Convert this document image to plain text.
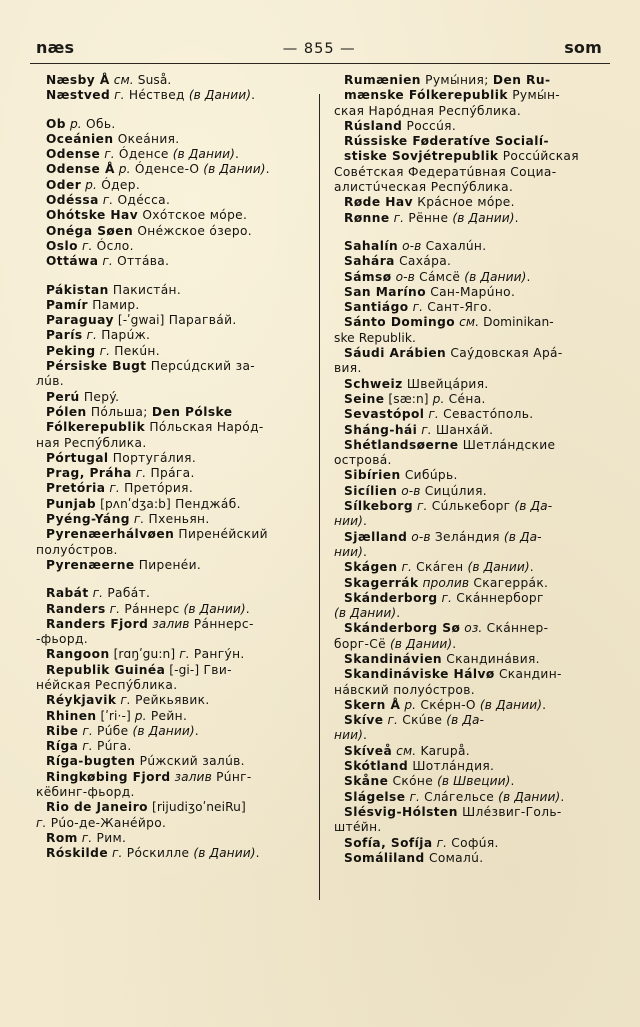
næs	— 855 —	som
Næsby Å см. Suså.
Næstved г. Нéствед (в Дании).
Ob р. Обь.
Oceánien Океáния.
Odense г. Óденсе (в Дании).
Odense Å р. Óденсе-О (в Дании).
Oder р. Óдер.
Odéssa г. Одéсса.
Ohótske Hav Охóтское мóре.
Onéga Søen Онéжское óзеро.
Oslo г. Óсло.
Ottáwa г. Оттáва.
Pákistan Пакистáн.
Pamír Памир.
Paraguay [-ʹgwai] Парагвáй.
París г. Парúж.
Peking г. Пекúн.
Pérsiske Bugt Персúдский за-
лúв.
Perú Перý.
Pólen Пóльша; Den Pólske
Fólkerepublik Пóльская Нарóд-
ная Респýблика.
Pórtugal Португáлия.
Prag, Práha г. Прáга.
Pretória г. Претóрия.
Punjab [pʌnʹdʒa:b] Пенджáб.
Pyéng-Yáng г. Пхеньян.
Pyrenæerhálvøen Пиренéйский
полуóстров.
Pyrenæerne Пиренéи.
Rabát г. Рабáт.
Randers г. Рáннерс (в Дании).
Randers Fjord залив Рáннерс-
-фьорд.
Rangoon [rɑŋʹgu:n] г. Рангýн.
Republik Guinéa [-gi-] Гви-
нéйская Респýблика.
Réykjavik г. Рейкьявик.
Rhinen [ʹri·-] р. Рейн.
Ribe г. Рúбе (в Дании).
Ríga г. Рúга.
Ríga-bugten Рúжский залúв.
Ringkøbing Fjord залив Рúнг-
кёбинг-фьорд.
Rio de Janeiro [rijudiʒoʹneiRu]
г. Рúо-де-Жанéйро.
Rom г. Рим.
Róskilde г. Рóскилле (в Дании).
Rumænien Румы́ния; Den Ru-
mænske Fólkerepublik Румы́н-
ская Нарóдная Респýблика.
Rúsland Россúя.
Rússiske Føderatíve Socialí-
stiske Sovjétrepublik Россúйская
Совéтская Федератúвная Социа-
алистúческая Респýблика.
Røde Hav Крáсное мóре.
Rønne г. Рённе (в Дании).
Sahalín о-в Сахалúн.
Sahára Сахáра.
Sámsø о-в Сáмсё (в Дании).
San Maríno Сан-Марúно.
Santiágo г. Сант-Яго.
Sánto Domingo см. Dominikan-
ske Republik.
Sáudi Arábien Саýдовская Арá-
вия.
Schweiz Швейцáрия.
Seine [sæ:n] р. Сéна.
Sevastópol г. Севастóполь.
Sháng-hái г. Шанхáй.
Shétlandsøerne Шетлáндские
островá.
Sibírien Сибúрь.
Sicílien о-в Сицúлия.
Sílkeborg г. Сúлькеборг (в Да-
нии).
Sjælland о-в Зелáндия (в Да-
нии).
Skágen г. Скáген (в Дании).
Skagerrák пролив Скагеррáк.
Skánderborg г. Скáннерборг
(в Дании).
Skánderborg Sø оз. Скáннер-
борг-Сё (в Дании).
Skandinávien Скандинáвия.
Skandináviske Hálvø Скандин-
нáвский полуóстров.
Skern Å р. Скéрн-О (в Дании).
Skíve г. Скúве (в Да-
нии).
Skíveå см. Karupå.
Skótland Шотлáндия.
Skåne Скóне (в Швеции).
Slágelse г. Слáгельсе (в Дании).
Slésvig-Hólsten Шлéзвиг-Голь-
штéйн.
Sofía, Sofíja г. Софúя.
Somáliland Сомалú.
